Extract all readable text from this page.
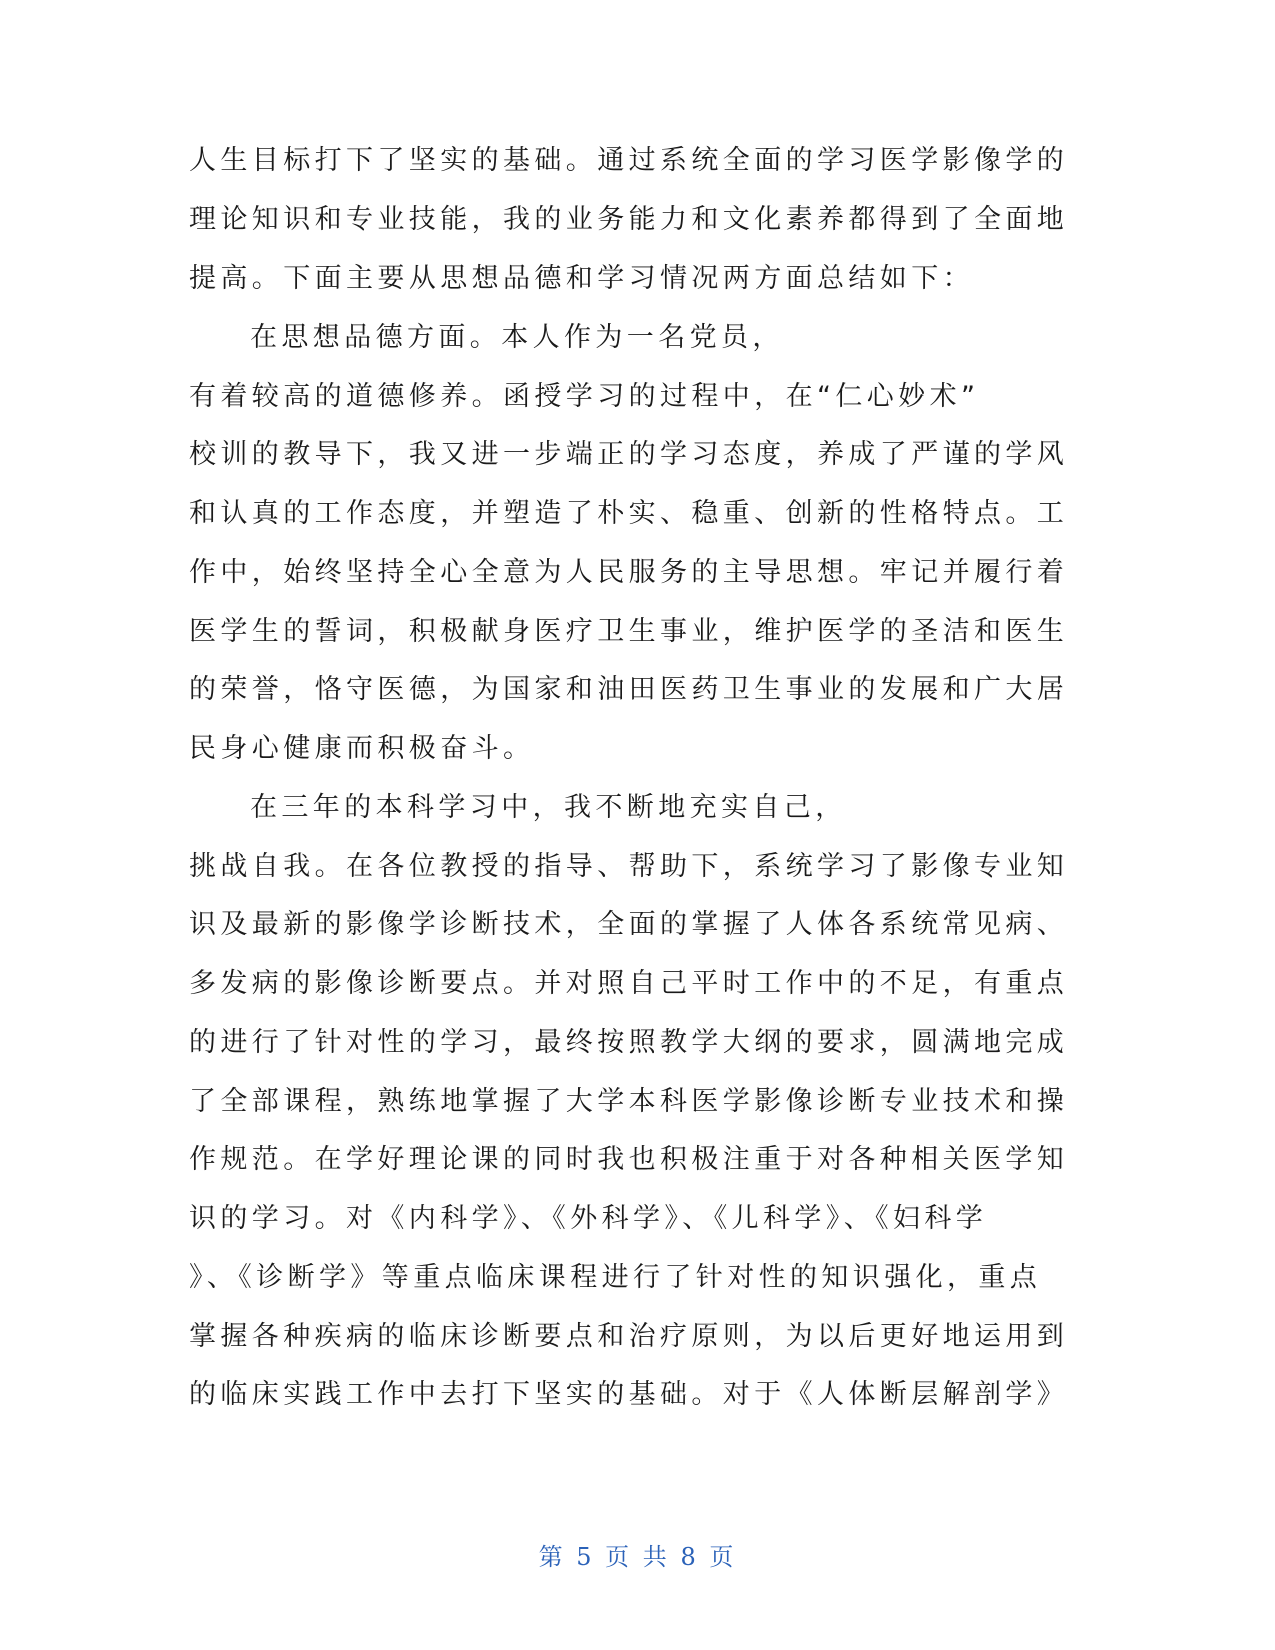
人生目标打下了坚实的基础。通过系统全面的学习医学影像学的

理论知识和专业技能，我的业务能力和文化素养都得到了全面地

提高。下面主要从思想品德和学习情况两方面总结如下：

在思想品德方面。本人作为一名党员，

有着较高的道德修养。函授学习的过程中，在“仁心妙术”

校训的教导下，我又进一步端正的学习态度，养成了严谨的学风

和认真的工作态度，并塑造了朴实、稳重、创新的性格特点。工

作中，始终坚持全心全意为人民服务的主导思想。牢记并履行着

医学生的誓词，积极献身医疗卫生事业，维护医学的圣洁和医生

的荣誉，恪守医德，为国家和油田医药卫生事业的发展和广大居

民身心健康而积极奋斗。

在三年的本科学习中，我不断地充实自己，

挑战自我。在各位教授的指导、帮助下，系统学习了影像专业知

识及最新的影像学诊断技术，全面的掌握了人体各系统常见病、

多发病的影像诊断要点。并对照自己平时工作中的不足，有重点

的进行了针对性的学习，最终按照教学大纲的要求，圆满地完成

了全部课程，熟练地掌握了大学本科医学影像诊断专业技术和操

作规范。在学好理论课的同时我也积极注重于对各种相关医学知

识的学习。对《内科学》、《外科学》、《儿科学》、《妇科学

》、《诊断学》等重点临床课程进行了针对性的知识强化，重点

掌握各种疾病的临床诊断要点和治疗原则，为以后更好地运用到

的临床实践工作中去打下坚实的基础。对于《人体断层解剖学》

第 5 页 共 8 页
